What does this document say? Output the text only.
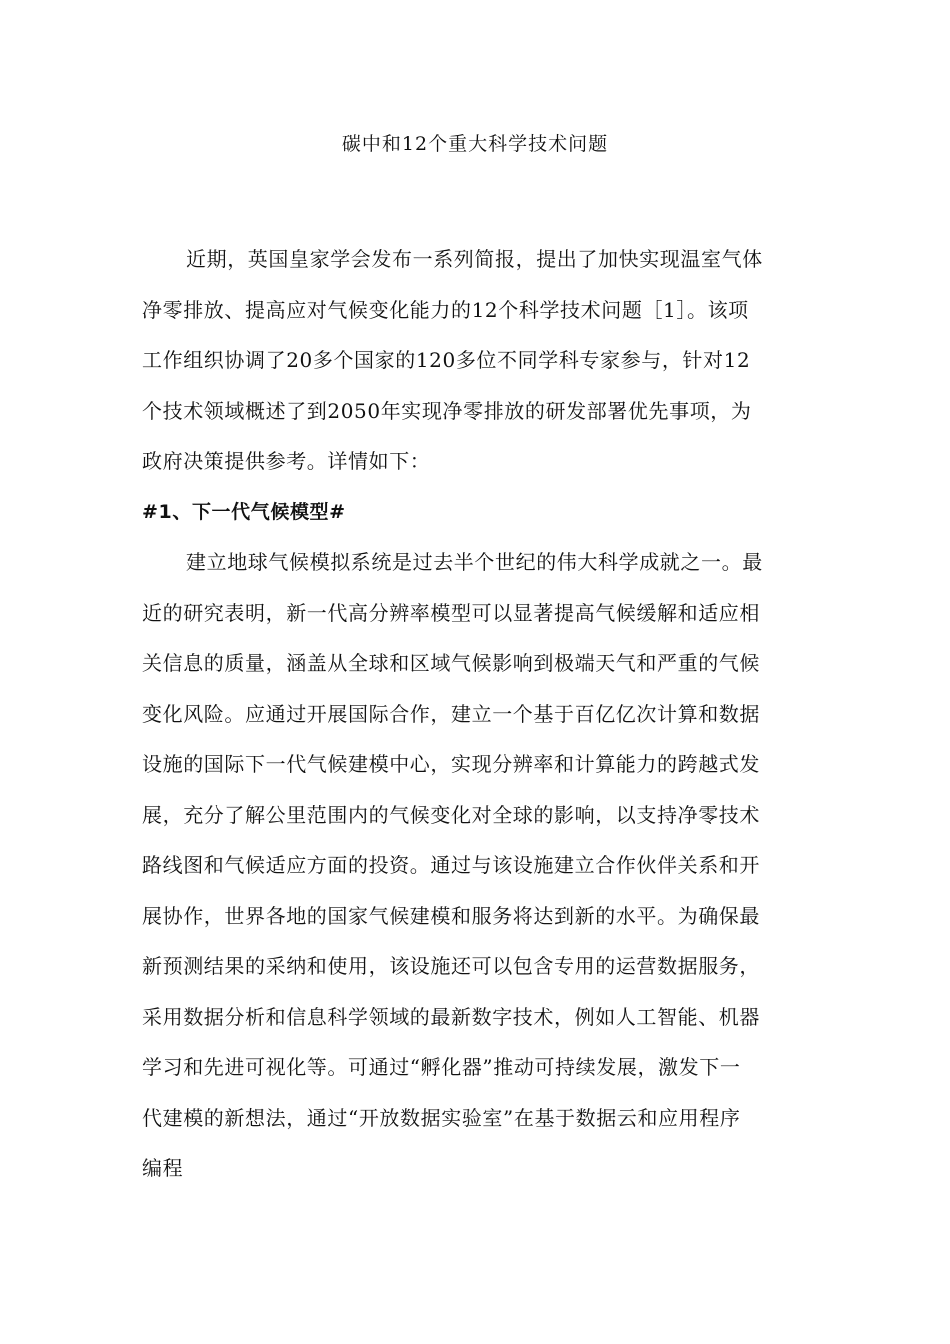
碳中和12个重大科学技术问题
近期，英国皇家学会发布一系列简报，提出了加快实现温室气体
净零排放、提高应对气候变化能力的12个科学技术问题［1］。该项
工作组织协调了20多个国家的120多位不同学科专家参与，针对12
个技术领域概述了到2050年实现净零排放的研发部署优先事项，为
政府决策提供参考。详情如下：
#1、下一代气候模型#
建立地球气候模拟系统是过去半个世纪的伟大科学成就之一。最
近的研究表明，新一代高分辨率模型可以显著提高气候缓解和适应相
关信息的质量，涵盖从全球和区域气候影响到极端天气和严重的气候
变化风险。应通过开展国际合作，建立一个基于百亿亿次计算和数据
设施的国际下一代气候建模中心，实现分辨率和计算能力的跨越式发
展，充分了解公里范围内的气候变化对全球的影响，以支持净零技术
路线图和气候适应方面的投资。通过与该设施建立合作伙伴关系和开
展协作，世界各地的国家气候建模和服务将达到新的水平。为确保最
新预测结果的采纳和使用，该设施还可以包含专用的运营数据服务，
采用数据分析和信息科学领域的最新数字技术，例如人工智能、机器
学习和先进可视化等。可通过“孵化器”推动可持续发展，激发下一
代建模的新想法，通过“开放数据实验室”在基于数据云和应用程序
编程
